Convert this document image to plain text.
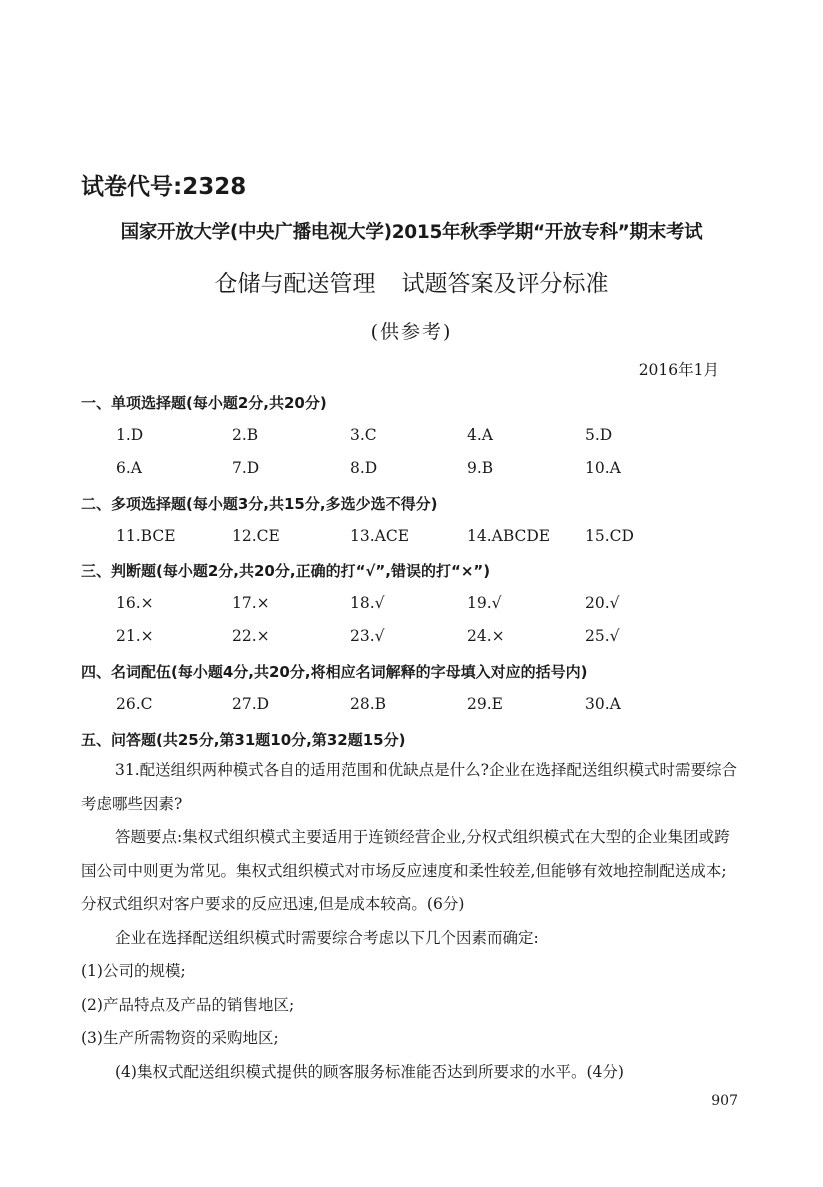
试卷代号:2328
国家开放大学(中央广播电视大学)2015年秋季学期“开放专科”期末考试
仓储与配送管理 试题答案及评分标准
(供参考)
2016年1月
一、单项选择题(每小题2分,共20分)
1.D	2.B	3.C	4.A	5.D
6.A	7.D	8.D	9.B	10.A
二、多项选择题(每小题3分,共15分,多选少选不得分)
11.BCE	12.CE	13.ACE	14.ABCDE 15.CD
三、判断题(每小题2分,共20分,正确的打“√”,错误的打“×”)
16.×	17.×	18.√	19.√	20.√
21.×	22.×	23.√	24.×	25.√
四、名词配伍(每小题4分,共20分,将相应名词解释的字母填入对应的括号内)
26.C	27.D	28.B	29.E	30.A
五、问答题(共25分,第31题10分,第32题15分)
31.配送组织两种模式各自的适用范围和优缺点是什么?企业在选择配送组织模式时需要综合考虑哪些因素?
答题要点:集权式组织模式主要适用于连锁经营企业,分权式组织模式在大型的企业集团或跨国公司中则更为常见。集权式组织模式对市场反应速度和柔性较差,但能够有效地控制配送成本;分权式组织对客户要求的反应迅速,但是成本较高。(6分)
企业在选择配送组织模式时需要综合考虑以下几个因素而确定:
(1)公司的规模;
(2)产品特点及产品的销售地区;
(3)生产所需物资的采购地区;
(4)集权式配送组织模式提供的顾客服务标准能否达到所要求的水平。(4分)
907
